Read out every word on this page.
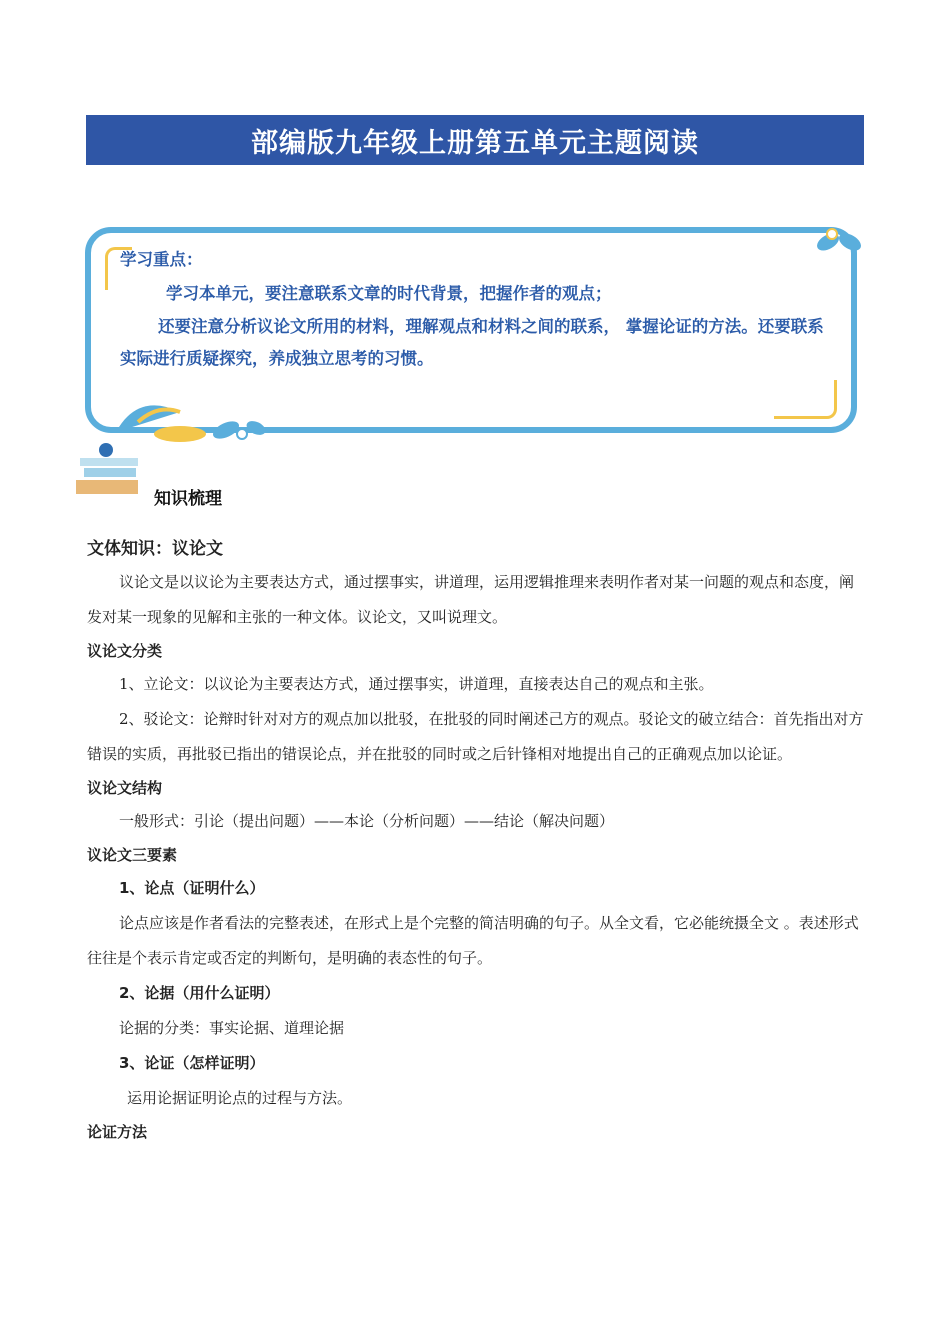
部编版九年级上册第五单元主题阅读
学习重点：
学习本单元，要注意联系文章的时代背景，把握作者的观点；
还要注意分析议论文所用的材料，理解观点和材料之间的联系， 掌握论证的方法。还要联系实际进行质疑探究，养成独立思考的习惯。
知识梳理
文体知识：议论文

议论文是以议论为主要表达方式，通过摆事实，讲道理，运用逻辑推理来表明作者对某一问题的观点和态度，阐发对某一现象的见解和主张的一种文体。议论文，又叫说理文。

议论文分类

1、立论文：以议论为主要表达方式，通过摆事实，讲道理，直接表达自己的观点和主张。

2、驳论文：论辩时针对对方的观点加以批驳，在批驳的同时阐述己方的观点。驳论文的破立结合：首先指出对方错误的实质，再批驳已指出的错误论点，并在批驳的同时或之后针锋相对地提出自己的正确观点加以论证。

议论文结构

一般形式：引论（提出问题）——本论（分析问题）——结论（解决问题）

议论文三要素
1、论点（证明什么）

论点应该是作者看法的完整表述，在形式上是个完整的简洁明确的句子。从全文看，它必能统摄全文 。表述形式往往是个表示肯定或否定的判断句，是明确的表态性的句子。

2、论据（用什么证明）

论据的分类：事实论据、道理论据

3、论证（怎样证明）

运用论据证明论点的过程与方法。

论证方法
